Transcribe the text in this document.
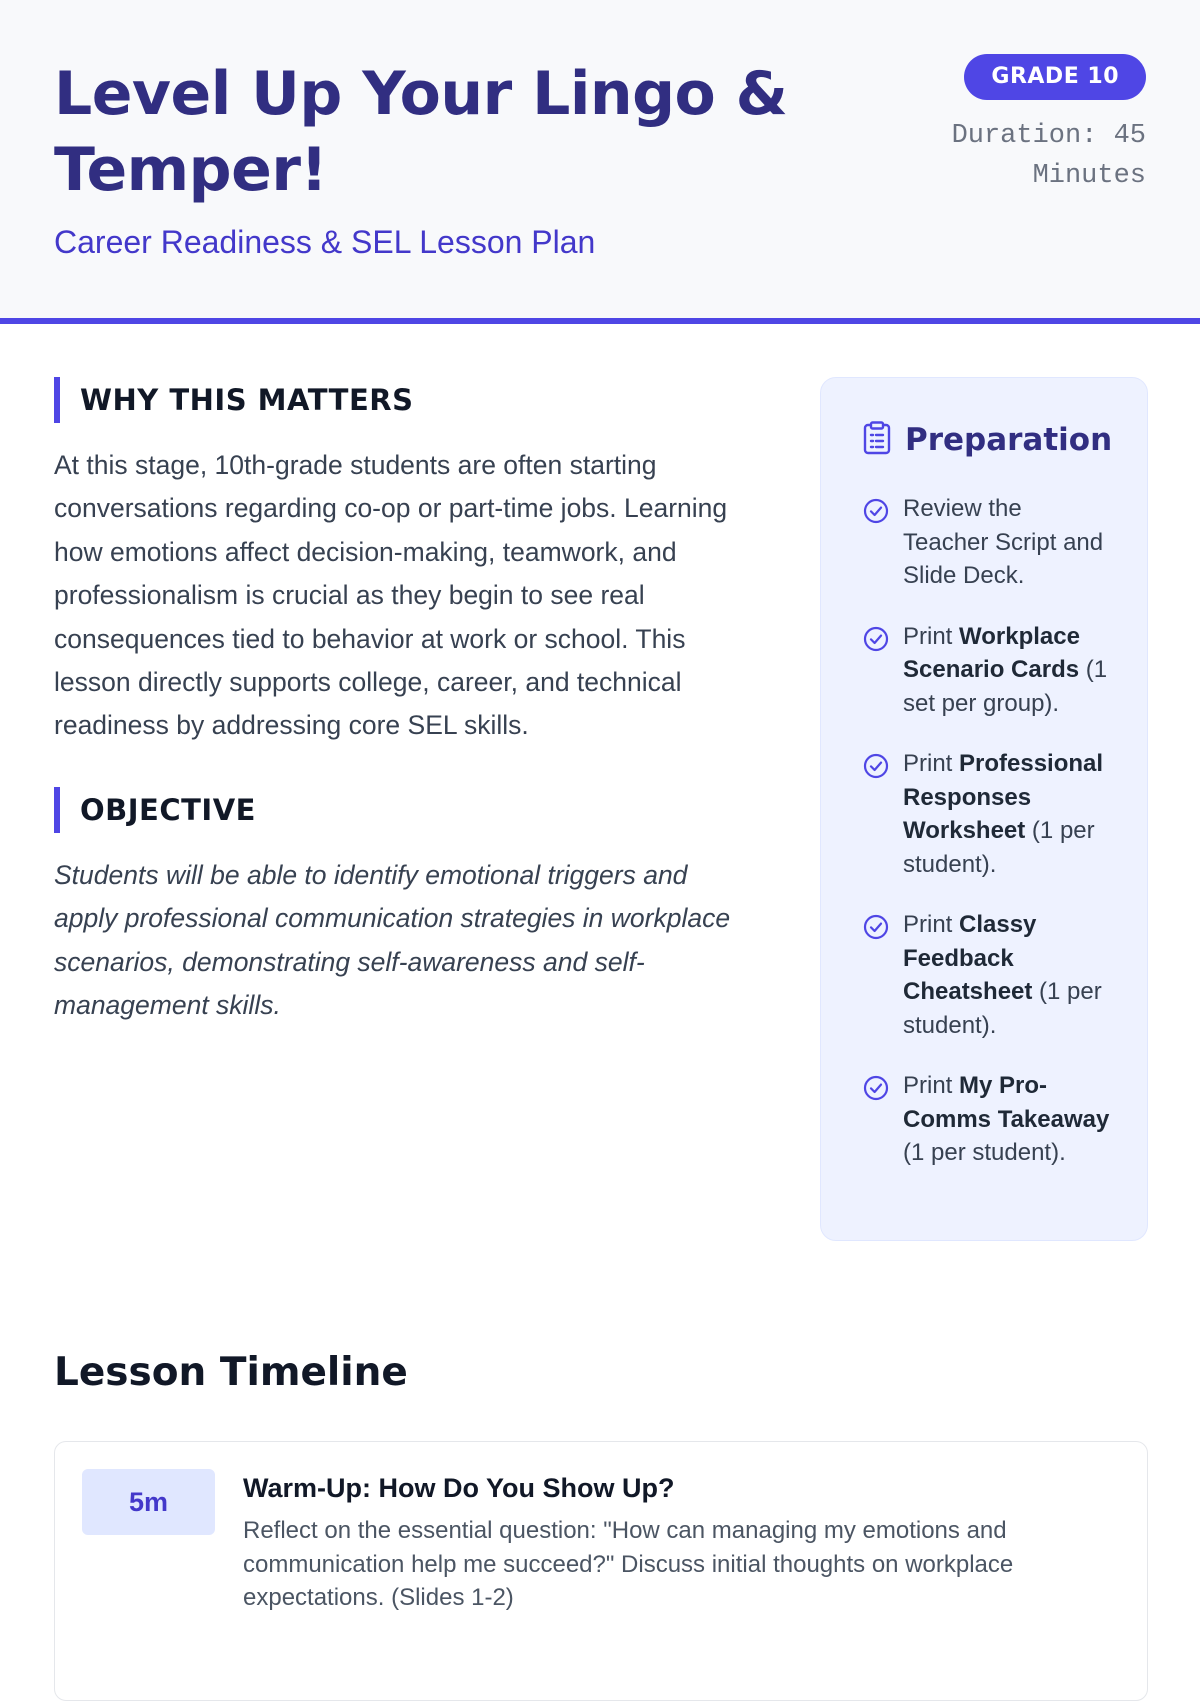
Level Up Your Lingo & Temper!
Career Readiness & SEL Lesson Plan
GRADE 10
Duration: 45 Minutes
WHY THIS MATTERS

At this stage, 10th-grade students are often starting conversations regarding co-op or part-time jobs. Learning how emotions affect decision-making, teamwork, and professionalism is crucial as they begin to see real consequences tied to behavior at work or school. This lesson directly supports college, career, and technical readiness by addressing core SEL skills.

OBJECTIVE

Students will be able to identify emotional triggers and apply professional communication strategies in workplace scenarios, demonstrating self-awareness and self-management skills.

Preparation
Review the Teacher Script and Slide Deck.
Print Workplace Scenario Cards (1 set per group).
Print Professional Responses Worksheet (1 per student).
Print Classy Feedback Cheatsheet (1 per student).
Print My Pro-Comms Takeaway (1 per student).
Lesson Timeline
5m	Warm-Up: How Do You Show Up?
Reflect on the essential question: "How can managing my emotions and communication help me succeed?" Discuss initial thoughts on workplace expectations. (Slides 1-2)
